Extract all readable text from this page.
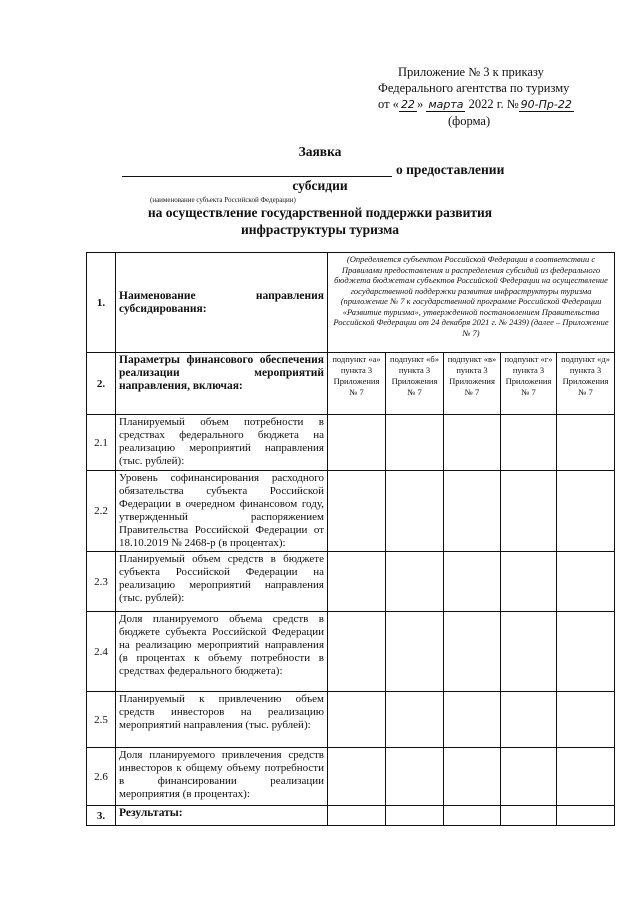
Приложение № 3 к приказу
Федерального агентства по туризму
от « 22 » марта 2022 г. № 90-Пр-22
(форма)
Заявка
о предоставлении
субсидии
(наименование субъекта Российской Федерации)
на осуществление государственной поддержки развития
инфраструктуры туризма
1.	Наименование направления субсидирования:	(Определяется субъектом Российской Федерации в соответствии с Правилами предоставления и распределения субсидий из федерального бюджета бюджетам субъектов Российской Федерации на осуществление государственной поддержки развития инфраструктуры туризма (приложение № 7 к государственной программе Российской Федерации «Развитие туризма», утвержденной постановлением Правительства Российской Федерации от 24 декабря 2021 г. № 2439) (далее – Приложение № 7)				
2.	Параметры финансового обеспечения реализации мероприятий направления, включая:	подпункт «а» пункта 3 Приложения № 7	подпункт «б» пункта 3 Приложения № 7	подпункт «в» пункта 3 Приложения № 7	подпункт «г» пункта 3 Приложения № 7	подпункт «д» пункта 3 Приложения № 7
2.1	Планируемый объем потребности в средствах федерального бюджета на реализацию мероприятий направления (тыс. рублей):					
2.2	Уровень софинансирования расходного обязательства субъекта Российской Федерации в очередном финансовом году, утвержденный распоряжением Правительства Российской Федерации от 18.10.2019 № 2468-р (в процентах):					
2.3	Планируемый объем средств в бюджете субъекта Российской Федерации на реализацию мероприятий направления (тыс. рублей):					
2.4	Доля планируемого объема средств в бюджете субъекта Российской Федерации на реализацию мероприятий направления (в процентах к объему потребности в средствах федерального бюджета):					
2.5	Планируемый к привлечению объем средств инвесторов на реализацию мероприятий направления (тыс. рублей):					
2.6	Доля планируемого привлечения средств инвесторов к общему объему потребности в финансировании реализации мероприятия (в процентах):					
3.	Результаты:					
